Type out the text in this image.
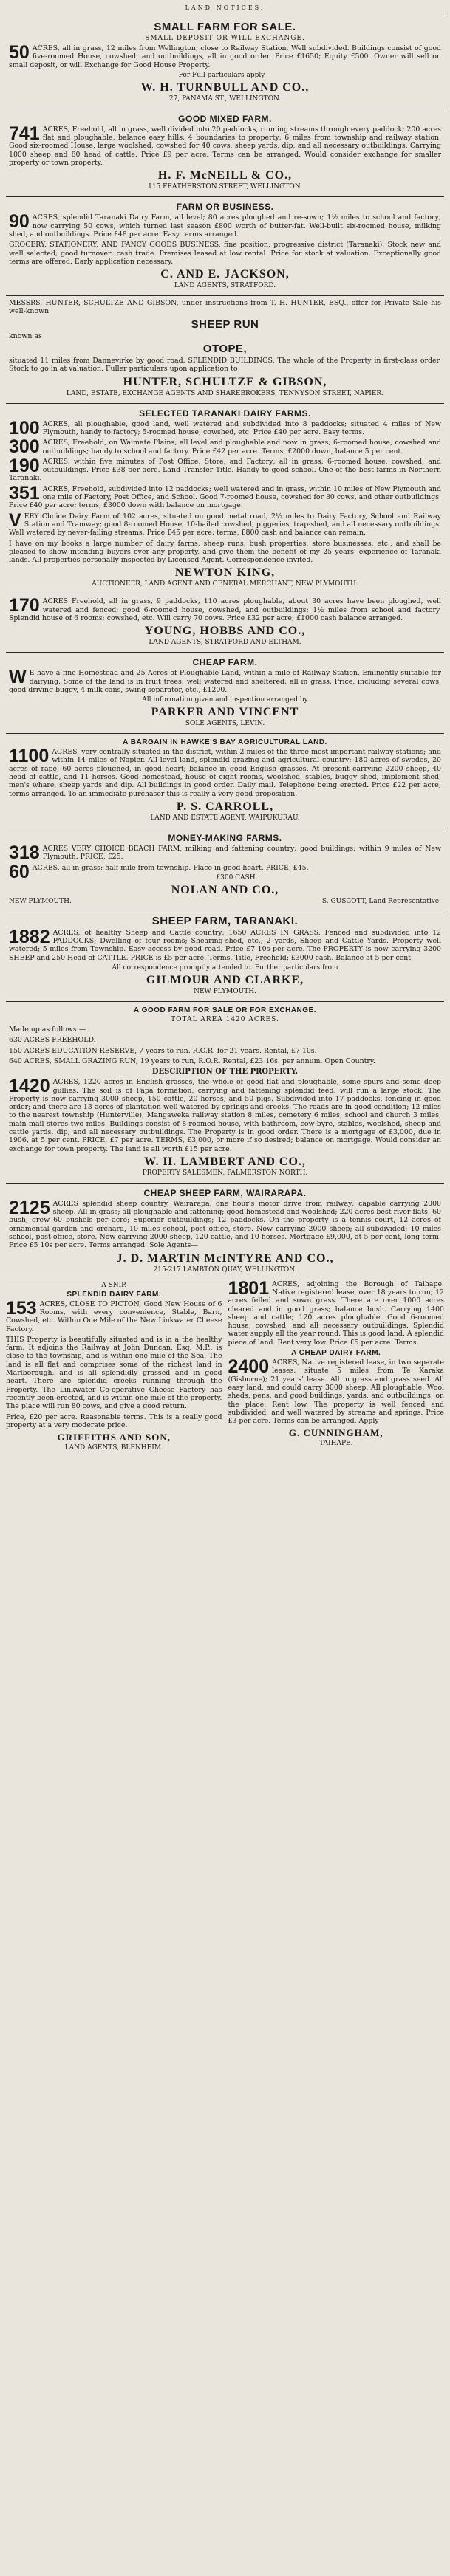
LAND NOTICES.
SMALL FARM FOR SALE.
SMALL DEPOSIT OR WILL EXCHANGE.

50 ACRES, all in grass, 12 miles from Wellington, close to Railway Station. Well subdivided. Buildings consist of good five-roomed House, cowshed, and outbuildings, all in good order. Price £1650; Equity £500. Owner will sell on small deposit, or will Exchange for Good House Property.

For Full particulars apply—
W. H. TURNBULL AND CO.,
27, PANAMA ST., WELLINGTON.
GOOD MIXED FARM.

741 ACRES, Freehold, all in grass, well divided into 20 paddocks, running streams through every paddock; 200 acres flat and ploughable, balance easy hills; 4 boundaries to property; 6 miles from township and railway station. Good six-roomed House, large woolshed, cowshed for 40 cows, sheep yards, dip, and all necessary outbuildings. Carrying 1000 sheep and 80 head of cattle. Price £9 per acre. Terms can be arranged. Would consider exchange for smaller property or town property.

H. F. McNEILL & CO.,
115 FEATHERSTON STREET, WELLINGTON.
FARM OR BUSINESS.

90 ACRES, splendid Taranaki Dairy Farm, all level; 80 acres ploughed and re-sown; 1½ miles to school and factory; now carrying 50 cows, which turned last season £800 worth of butter-fat. Well-built six-roomed house, milking shed, and outbuildings. Price £48 per acre. Easy terms arranged.

GROCERY, STATIONERY, AND FANCY GOODS BUSINESS, fine position, progressive district (Taranaki). Stock new and well selected; good turnover; cash trade. Premises leased at low rental. Price for stock at valuation. Exceptionally good terms are offered. Early application necessary.

C. AND E. JACKSON,
LAND AGENTS, STRATFORD.

MESSRS. HUNTER, SCHULTZE AND GIBSON, under instructions from T. H. HUNTER, ESQ., offer for Private Sale his well-known

SHEEP RUN
known as
OTOPE,

situated 11 miles from Dannevirke by good road. SPLENDID BUILDINGS. The whole of the Property in first-class order. Stock to go in at valuation. Fuller particulars upon application to

HUNTER, SCHULTZE & GIBSON,
LAND, ESTATE, EXCHANGE AGENTS AND SHAREBROKERS, TENNYSON STREET, NAPIER.
SELECTED TARANAKI DAIRY FARMS.

100 ACRES, all ploughable, good land, well watered and subdivided into 8 paddocks; situated 4 miles of New Plymouth, handy to factory; 5-roomed house, cowshed, etc. Price £40 per acre. Easy terms.

300 ACRES, Freehold, on Waimate Plains; all level and ploughable and now in grass; 6-roomed house, cowshed and outbuildings; handy to school and factory. Price £42 per acre. Terms, £2000 down, balance 5 per cent.

190 ACRES, within five minutes of Post Office, Store, and Factory; all in grass; 6-roomed house, cowshed, and outbuildings. Price £38 per acre. Land Transfer Title. Handy to good school. One of the best farms in Northern Taranaki.

351 ACRES, Freehold, subdivided into 12 paddocks; well watered and in grass, within 10 miles of New Plymouth and one mile of Factory, Post Office, and School. Good 7-roomed house, cowshed for 80 cows, and other outbuildings. Price £40 per acre; terms, £3000 down with balance on mortgage.

VERY Choice Dairy Farm of 102 acres, situated on good metal road, 2½ miles to Dairy Factory, School and Railway Station and Tramway; good 8-roomed House, 10-bailed cowshed, piggeries, trap-shed, and all necessary outbuildings. Well watered by never-failing streams. Price £45 per acre; terms, £800 cash and balance can remain.

I have on my books a large number of dairy farms, sheep runs, bush properties, store businesses, etc., and shall be pleased to show intending buyers over any property, and give them the benefit of my 25 years' experience of Taranaki lands. All properties personally inspected by Licensed Agent. Correspondence invited.

NEWTON KING,
AUCTIONEER, LAND AGENT AND GENERAL MERCHANT, NEW PLYMOUTH.

170 ACRES Freehold, all in grass, 9 paddocks, 110 acres ploughable, about 30 acres have been ploughed, well watered and fenced; good 6-roomed house, cowshed, and outbuildings; 1½ miles from school and factory. Splendid house of 6 rooms; cowshed, etc. Will carry 70 cows. Price £32 per acre; £1000 cash balance arranged.

YOUNG, HOBBS AND CO.,
LAND AGENTS, STRATFORD AND ELTHAM.
CHEAP FARM.

W E have a fine Homestead and 25 Acres of Ploughable Land, within a mile of Railway Station. Eminently suitable for dairying. Some of the land is in fruit trees; well watered and sheltered; all in grass. Price, including several cows, good driving buggy, 4 milk cans, swing separator, etc., £1200.

All information given and inspection arranged by
PARKER AND VINCENT
SOLE AGENTS, LEVIN.
A BARGAIN IN HAWKE'S BAY AGRICULTURAL LAND.

1100 ACRES, very centrally situated in the district, within 2 miles of the three most important railway stations; and within 14 miles of Napier. All level land, splendid grazing and agricultural country; 180 acres of swedes, 20 acres of rape, 60 acres ploughed, in good heart; balance in good English grasses. At present carrying 2200 sheep, 40 head of cattle, and 11 horses. Good homestead, house of eight rooms, woolshed, stables, buggy shed, implement shed, men's whare, sheep yards and dip. All buildings in good order. Daily mail. Telephone being erected. Price £22 per acre; terms arranged. To an immediate purchaser this is really a very good proposition.

P. S. CARROLL,
LAND AND ESTATE AGENT, WAIPUKURAU.
MONEY-MAKING FARMS.

318 ACRES VERY CHOICE BEACH FARM, milking and fattening country; good buildings; within 9 miles of New Plymouth. PRICE, £25.

60 ACRES, all in grass; half mile from township. Place in good heart. PRICE, £45.

£300 CASH.
NOLAN AND CO.,
NEW PLYMOUTH.	S. GUSCOTT, Land Representative.
SHEEP FARM, TARANAKI.

1882 ACRES, of healthy Sheep and Cattle country; 1650 ACRES IN GRASS. Fenced and subdivided into 12 PADDOCKS; Dwelling of four rooms; Shearing-shed, etc.; 2 yards, Sheep and Cattle Yards. Property well watered; 5 miles from Township. Easy access by good road. Price £7 10s per acre. The PROPERTY is now carrying 3200 SHEEP and 250 Head of CATTLE. PRICE is £5 per acre. Terms. Title, Freehold; £3000 cash. Balance at 5 per cent.

All correspondence promptly attended to. Further particulars from
GILMOUR AND CLARKE,
NEW PLYMOUTH.
A GOOD FARM FOR SALE OR FOR EXCHANGE.
TOTAL AREA 1420 ACRES.
Made up as follows:—
630 ACRES FREEHOLD.
150 ACRES EDUCATION RESERVE, 7 years to run. R.O.R. for 21 years. Rental, £7 10s.
640 ACRES, SMALL GRAZING RUN, 19 years to run, R.O.R. Rental, £23 16s. per annum. Open Country.
DESCRIPTION OF THE PROPERTY.

1420 ACRES, 1220 acres in English grasses, the whole of good flat and ploughable, some spurs and some deep gullies. The soil is of Papa formation, carrying and fattening splendid feed; will run a large stock. The Property is now carrying 3000 sheep, 150 cattle, 20 horses, and 50 pigs. Subdivided into 17 paddocks, fencing in good order; and there are 13 acres of plantation well watered by springs and creeks. The roads are in good condition; 12 miles to the nearest township (Hunterville), Mangaweka railway station 8 miles, cemetery 6 miles, school and church 3 miles, main mail stores two miles. Buildings consist of 8-roomed house, with bathroom, cow-byre, stables, woolshed, sheep and cattle yards, dip, and all necessary outbuildings. The Property is in good order. There is a mortgage of £3,000, due in 1906, at 5 per cent. PRICE, £7 per acre. TERMS, £3,000, or more if so desired; balance on mortgage. Would consider an exchange for town property. The land is all worth £15 per acre.

W. H. LAMBERT AND CO.,
PROPERTY SALESMEN, PALMERSTON NORTH.
CHEAP SHEEP FARM, WAIRARAPA.

2125 ACRES splendid sheep country, Wairarapa, one hour's motor drive from railway; capable carrying 2000 sheep. All in grass; all ploughable and fattening; good homestead and woolshed; 220 acres best river flats. 60 bush; grew 60 bushels per acre; Superior outbuildings; 12 paddocks. On the property is a tennis court, 12 acres of ornamental garden and orchard, 10 miles school, post office, store. Now carrying 2000 sheep; all subdivided; 10 miles school, post office, store. Now carrying 2000 sheep, 120 cattle, and 10 horses. Mortgage £9,000, at 5 per cent, long term. Price £5 10s per acre. Terms arranged. Sole Agents—

J. D. MARTIN McINTYRE AND CO.,
215-217 LAMBTON QUAY, WELLINGTON.
A SNIP.
SPLENDID DAIRY FARM.

153 ACRES, CLOSE TO PICTON, Good New House of 6 Rooms, with every convenience, Stable, Barn, Cowshed, etc. Within One Mile of the New Linkwater Cheese Factory.

THIS Property is beautifully situated and is in a the healthy farm. It adjoins the Railway at John Duncan, Esq. M.P., is close to the township, and is within one mile of the Sea. The land is all flat and comprises some of the richest land in Marlborough, and is all splendidly grassed and in good heart. There are splendid creeks running through the Property. The Linkwater Co-operative Cheese Factory has recently been erected, and is within one mile of the property. The place will run 80 cows, and give a good return.

Price, £20 per acre. Reasonable terms. This is a really good property at a very moderate price.

GRIFFITHS AND SON,
LAND AGENTS, BLENHEIM.

1801 ACRES, adjoining the Borough of Taihape. Native registered lease, over 18 years to run; 12 acres felled and sown grass. There are over 1000 acres cleared and in good grass; balance bush. Carrying 1400 sheep and cattle; 120 acres ploughable. Good 6-roomed house, cowshed, and all necessary outbuildings. Splendid water supply all the year round. This is good land. A splendid piece of land. Rent very low. Price £5 per acre. Terms.

A CHEAP DAIRY FARM.

2400 ACRES, Native registered lease, in two separate leases; situate 5 miles from Te Karaka (Gisborne); 21 years' lease. All in grass and grass seed. All easy land, and could carry 3000 sheep. All ploughable. Wool sheds, pens, and good buildings, yards, and outbuildings, on the place. Rent low. The property is well fenced and subdivided, and well watered by streams and springs. Price £3 per acre. Terms can be arranged. Apply—

G. CUNNINGHAM,
TAIHAPE.
